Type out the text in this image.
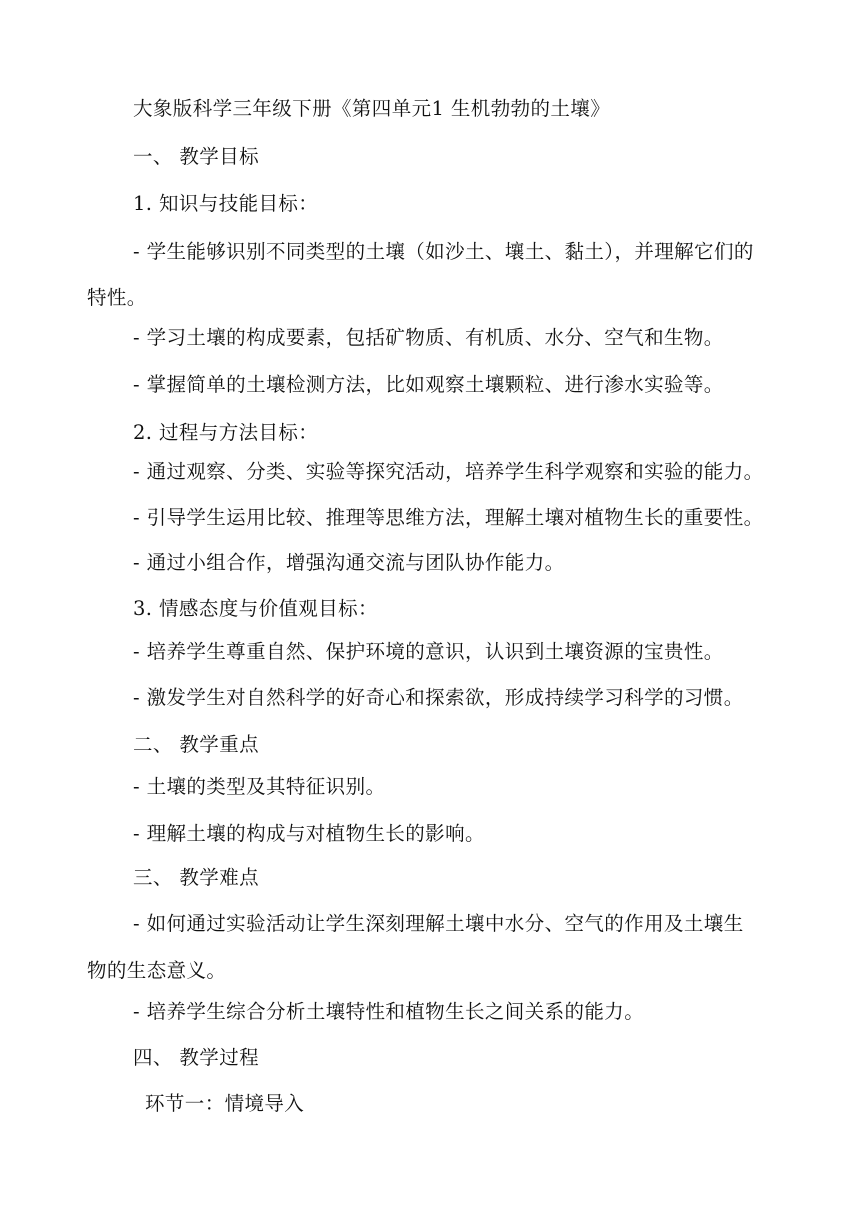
大象版科学三年级下册《第四单元1 生机勃勃的土壤》
一、 教学目标
1. 知识与技能目标：
- 学生能够识别不同类型的土壤（如沙土、壤土、黏土），并理解它们的
特性。
- 学习土壤的构成要素，包括矿物质、有机质、水分、空气和生物。
- 掌握简单的土壤检测方法，比如观察土壤颗粒、进行渗水实验等。
2. 过程与方法目标：
- 通过观察、分类、实验等探究活动，培养学生科学观察和实验的能力。
- 引导学生运用比较、推理等思维方法，理解土壤对植物生长的重要性。
- 通过小组合作，增强沟通交流与团队协作能力。
3. 情感态度与价值观目标：
- 培养学生尊重自然、保护环境的意识，认识到土壤资源的宝贵性。
- 激发学生对自然科学的好奇心和探索欲，形成持续学习科学的习惯。
二、 教学重点
- 土壤的类型及其特征识别。
- 理解土壤的构成与对植物生长的影响。
三、 教学难点
- 如何通过实验活动让学生深刻理解土壤中水分、空气的作用及土壤生
物的生态意义。
- 培养学生综合分析土壤特性和植物生长之间关系的能力。
四、 教学过程
环节一：情境导入
